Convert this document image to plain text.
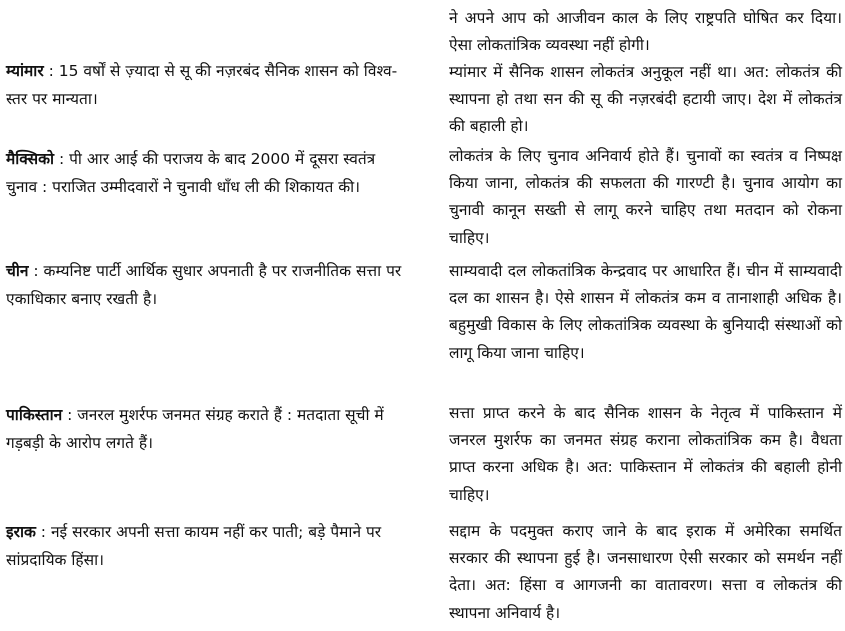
म्यांमार : 15 वर्षों से ज़्यादा से सू की नज़रबंद सैनिक शासन को विश्व-स्तर पर मान्यता।
मैक्सिको : पी आर आई की पराजय के बाद 2000 में दूसरा स्वतंत्र चुनाव : पराजित उम्मीदवारों ने चुनावी धाँध ली की शिकायत की।
चीन : कम्यनिष्ट पार्टी आर्थिक सुधार अपनाती है पर राजनीतिक सत्ता पर एकाधिकार बनाए रखती है।
पाकिस्तान : जनरल मुशर्रफ जनमत संग्रह कराते हैं : मतदाता सूची में गड़बड़ी के आरोप लगते हैं।
इराक : नई सरकार अपनी सत्ता कायम नहीं कर पाती; बड़े पैमाने पर सांप्रदायिक हिंसा।
ने अपने आप को आजीवन काल के लिए राष्ट्रपति घोषित कर दिया। ऐसा लोकतांत्रिक व्यवस्था नहीं होगी।
म्यांमार में सैनिक शासन लोकतंत्र अनुकूल नहीं था। अत: लोकतंत्र की स्थापना हो तथा सन की सू की नज़रबंदी हटायी जाए। देश में लोकतंत्र की बहाली हो।
लोकतंत्र के लिए चुनाव अनिवार्य होते हैं। चुनावों का स्वतंत्र व निष्पक्ष किया जाना, लोकतंत्र की सफलता की गारण्टी है। चुनाव आयोग का चुनावी कानून सख्ती से लागू करने चाहिए तथा मतदान को रोकना चाहिए।
साम्यवादी दल लोकतांत्रिक केन्द्रवाद पर आधारित हैं। चीन में साम्यवादी दल का शासन है। ऐसे शासन में लोकतंत्र कम व तानाशाही अधिक है। बहुमुखी विकास के लिए लोकतांत्रिक व्यवस्था के बुनियादी संस्थाओं को लागू किया जाना चाहिए।
सत्ता प्राप्त करने के बाद सैनिक शासन के नेतृत्व में पाकिस्तान में जनरल मुशर्रफ का जनमत संग्रह कराना लोकतांत्रिक कम है। वैधता प्राप्त करना अधिक है। अत: पाकिस्तान में लोकतंत्र की बहाली होनी चाहिए।
सद्दाम के पदमुक्त कराए जाने के बाद इराक में अमेरिका समर्थित सरकार की स्थापना हुई है। जनसाधारण ऐसी सरकार को समर्थन नहीं देता। अत: हिंसा व आगजनी का वातावरण। सत्ता व लोकतंत्र की स्थापना अनिवार्य है।
